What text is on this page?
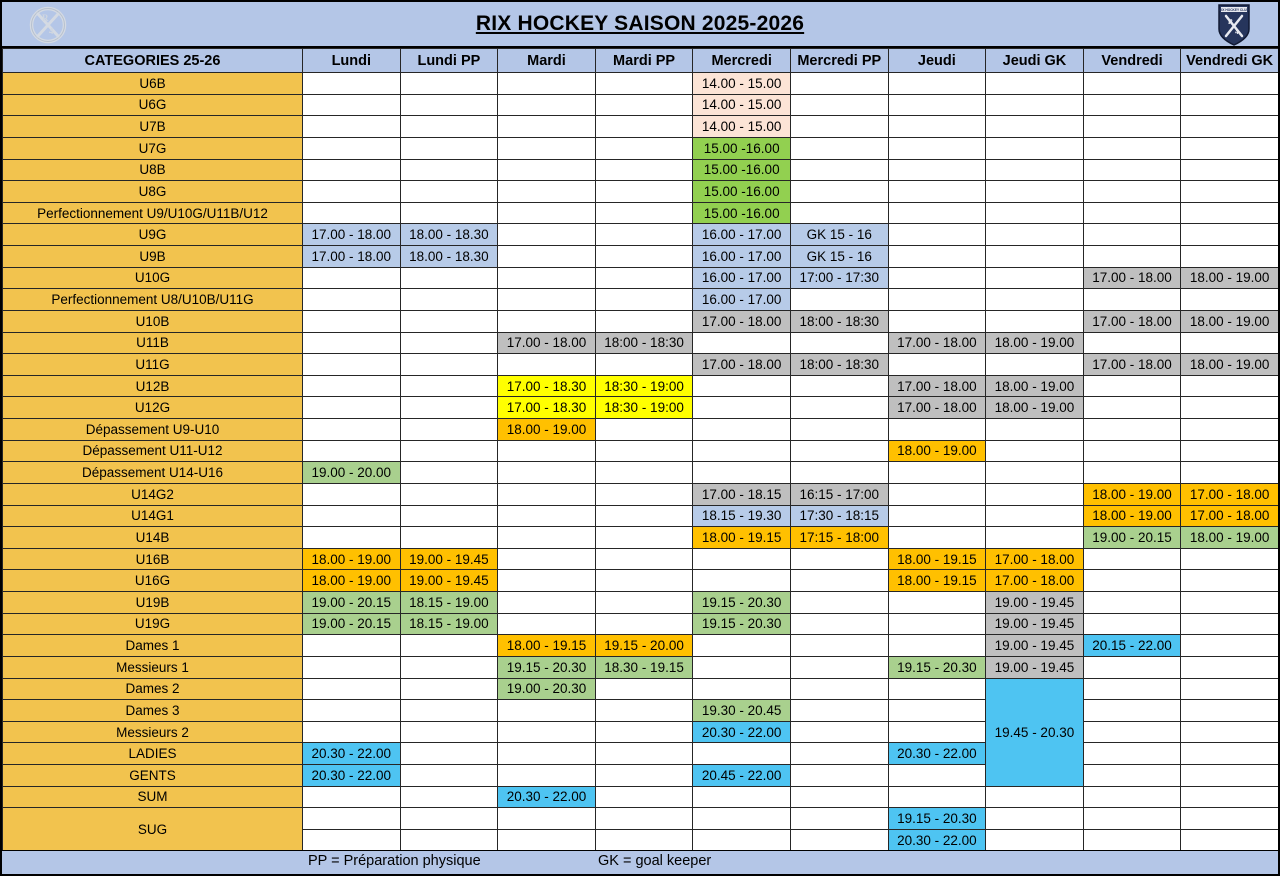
R
4	RIX HOCKEY SAISON 2025-2026
RIX HOCKEY CLUB
R
4
CATEGORIES 25-26	Lundi	Lundi PP	Mardi	Mardi PP	Mercredi	Mercredi PP	Jeudi	Jeudi GK	Vendredi	Vendredi GK
U6B					14.00 - 15.00					
U6G					14.00 - 15.00					
U7B					14.00 - 15.00					
U7G					15.00 -16.00					
U8B					15.00 -16.00					
U8G					15.00 -16.00					
Perfectionnement U9/U10G/U11B/U12					15.00 -16.00					
U9G	17.00 - 18.00	18.00 - 18.30			16.00 - 17.00	GK 15 - 16				
U9B	17.00 - 18.00	18.00 - 18.30			16.00 - 17.00	GK 15 - 16				
U10G					16.00 - 17.00	17:00 - 17:30			17.00 - 18.00	18.00 - 19.00
Perfectionnement U8/U10B/U11G					16.00 - 17.00					
U10B					17.00 - 18.00	18:00 - 18:30			17.00 - 18.00	18.00 - 19.00
U11B			17.00 - 18.00	18:00 - 18:30			17.00 - 18.00	18.00 - 19.00		
U11G					17.00 - 18.00	18:00 - 18:30			17.00 - 18.00	18.00 - 19.00
U12B			17.00 - 18.30	18:30 - 19:00			17.00 - 18.00	18.00 - 19.00		
U12G			17.00 - 18.30	18:30 - 19:00			17.00 - 18.00	18.00 - 19.00		
Dépassement U9-U10			18.00 - 19.00							
Dépassement U11-U12							18.00 - 19.00			
Dépassement U14-U16	19.00 - 20.00									
U14G2					17.00 - 18.15	16:15 - 17:00			18.00 - 19.00	17.00 - 18.00
U14G1					18.15 - 19.30	17:30 - 18:15			18.00 - 19.00	17.00 - 18.00
U14B					18.00 - 19.15	17:15 - 18:00			19.00 - 20.15	18.00 - 19.00
U16B	18.00 - 19.00	19.00 - 19.45					18.00 - 19.15	17.00 - 18.00		
U16G	18.00 - 19.00	19.00 - 19.45					18.00 - 19.15	17.00 - 18.00		
U19B	19.00 - 20.15	18.15 - 19.00			19.15 - 20.30			19.00 - 19.45		
U19G	19.00 - 20.15	18.15 - 19.00			19.15 - 20.30			19.00 - 19.45		
Dames 1			18.00 - 19.15	19.15 - 20.00				19.00 - 19.45	20.15 - 22.00	
Messieurs 1			19.15 - 20.30	18.30 - 19.15			19.15 - 20.30	19.00 - 19.45		
Dames 2			19.00 - 20.30					19.45 - 20.30		
Dames 3					19.30 - 20.45					
Messieurs 2					20.30 - 22.00					
LADIES	20.30 - 22.00						20.30 - 22.00			
GENTS	20.30 - 22.00				20.45 - 22.00					
SUM			20.30 - 22.00							
SUG							19.15 - 20.30			
							20.30 - 22.00			
PP = Préparation physique	GK = goal keeper
